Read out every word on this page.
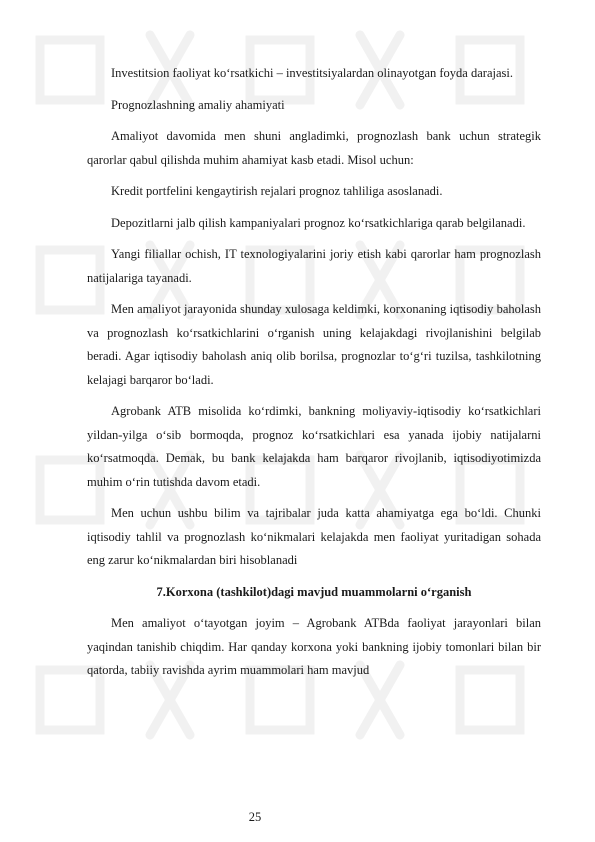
Investitsion faoliyat ko‘rsatkichi – investitsiyalardan olinayotgan foyda darajasi.

Prognozlashning amaliy ahamiyati

Amaliyot davomida men shuni angladimki, prognozlash bank uchun strategik qarorlar qabul qilishda muhim ahamiyat kasb etadi. Misol uchun:

Kredit portfelini kengaytirish rejalari prognoz tahliliga asoslanadi.

Depozitlarni jalb qilish kampaniyalari prognoz ko‘rsatkichlariga qarab belgilanadi.

Yangi filiallar ochish, IT texnologiyalarini joriy etish kabi qarorlar ham prognozlash natijalariga tayanadi.

Men amaliyot jarayonida shunday xulosaga keldimki, korxonaning iqtisodiy baholash va prognozlash ko‘rsatkichlarini o‘rganish uning kelajakdagi rivojlanishini belgilab beradi. Agar iqtisodiy baholash aniq olib borilsa, prognozlar to‘g‘ri tuzilsa, tashkilotning kelajagi barqaror bo‘ladi.

Agrobank ATB misolida ko‘rdimki, bankning moliyaviy-iqtisodiy ko‘rsatkichlari yildan-yilga o‘sib bormoqda, prognoz ko‘rsatkichlari esa yanada ijobiy natijalarni ko‘rsatmoqda. Demak, bu bank kelajakda ham barqaror rivojlanib, iqtisodiyotimizda muhim o‘rin tutishda davom etadi.

Men uchun ushbu bilim va tajribalar juda katta ahamiyatga ega bo‘ldi. Chunki iqtisodiy tahlil va prognozlash ko‘nikmalari kelajakda men faoliyat yuritadigan sohada eng zarur ko‘nikmalardan biri hisoblanadi

7.Korxona (tashkilot)dagi mavjud muammolarni o‘rganish

Men amaliyot o‘tayotgan joyim – Agrobank ATBda faoliyat jarayonlari bilan yaqindan tanishib chiqdim. Har qanday korxona yoki bankning ijobiy tomonlari bilan bir qatorda, tabiiy ravishda ayrim muammolari ham mavjud

25
